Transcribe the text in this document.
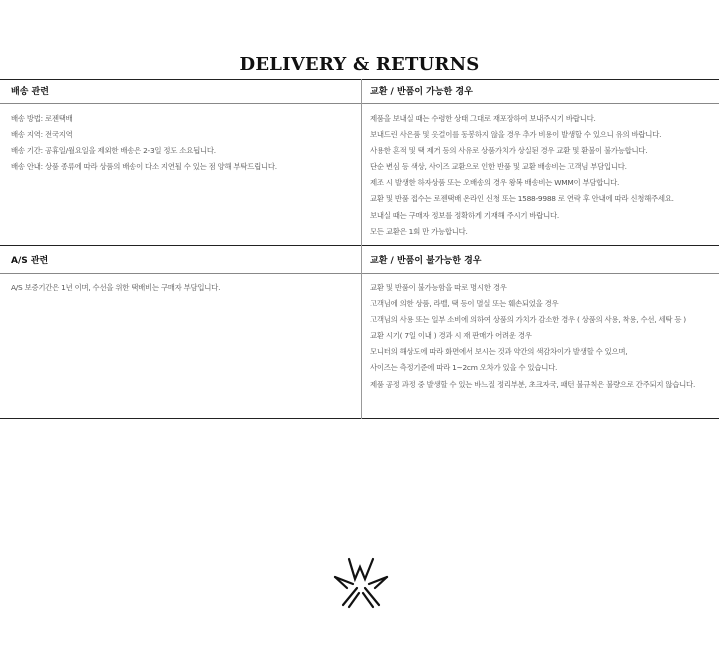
DELIVERY & RETURNS
배송 관련
배송 방법: 로젠택배
배송 지역: 전국지역
배송 기간: 공휴일/월요일을 제외한 배송은 2-3일 정도 소요됩니다.
배송 안내: 상품 종류에 따라 상품의 배송이 다소 지연될 수 있는 점 양해 부탁드립니다.
교환 / 반품이 가능한 경우
제품을 보내실 때는 수령한 상태 그대로 재포장하여 보내주시기 바랍니다.
보내드린 사은품 및 옷걸이를 동봉하지 않을 경우 추가 비용이 발생할 수 있으니 유의 바랍니다.
사용한 흔적 및 택 제거 등의 사유로 상품가치가 상실된 경우 교환 및 환불이 불가능합니다.
단순 변심 등 색상, 사이즈 교환으로 인한 반품 및 교환 배송비는 고객님 부담입니다.
제조 시 발생한 하자상품 또는 오배송의 경우 왕복 배송비는 WMM이 부담합니다.
교환 및 반품 접수는 로젠택배 온라인 신청 또는 1588-9988 로 연락 후 안내에 따라 신청해주세요.
보내실 때는 구매자 정보를 정확하게 기재해 주시기 바랍니다.
모든 교환은 1회 만 가능합니다.
A/S 관련
A/S 보증기간은 1년 이며, 수선을 위한 택배비는 구매자 부담입니다.
교환 / 반품이 불가능한 경우
교환 및 반품이 불가능함을 따로 명시한 경우
고객님에 의한 상품, 라벨, 택 등이 멸실 또는 훼손되었을 경우
고객님의 사용 또는 일부 소비에 의하여 상품의 가치가 감소한 경우 ( 상품의 사용, 착용, 수선, 세탁 등 )
교환 시기( 7일 이내 ) 경과 시 재 판매가 어려운 경우
모니터의 해상도에 따라 화면에서 보시는 것과 약간의 색감차이가 발생할 수 있으며,
사이즈는 측정기준에 따라 1~2cm 오차가 있을 수 있습니다.
제품 공정 과정 중 발생할 수 있는 바느질 정리부분, 초크자국, 패턴 불규칙은 불량으로 간주되지 않습니다.
